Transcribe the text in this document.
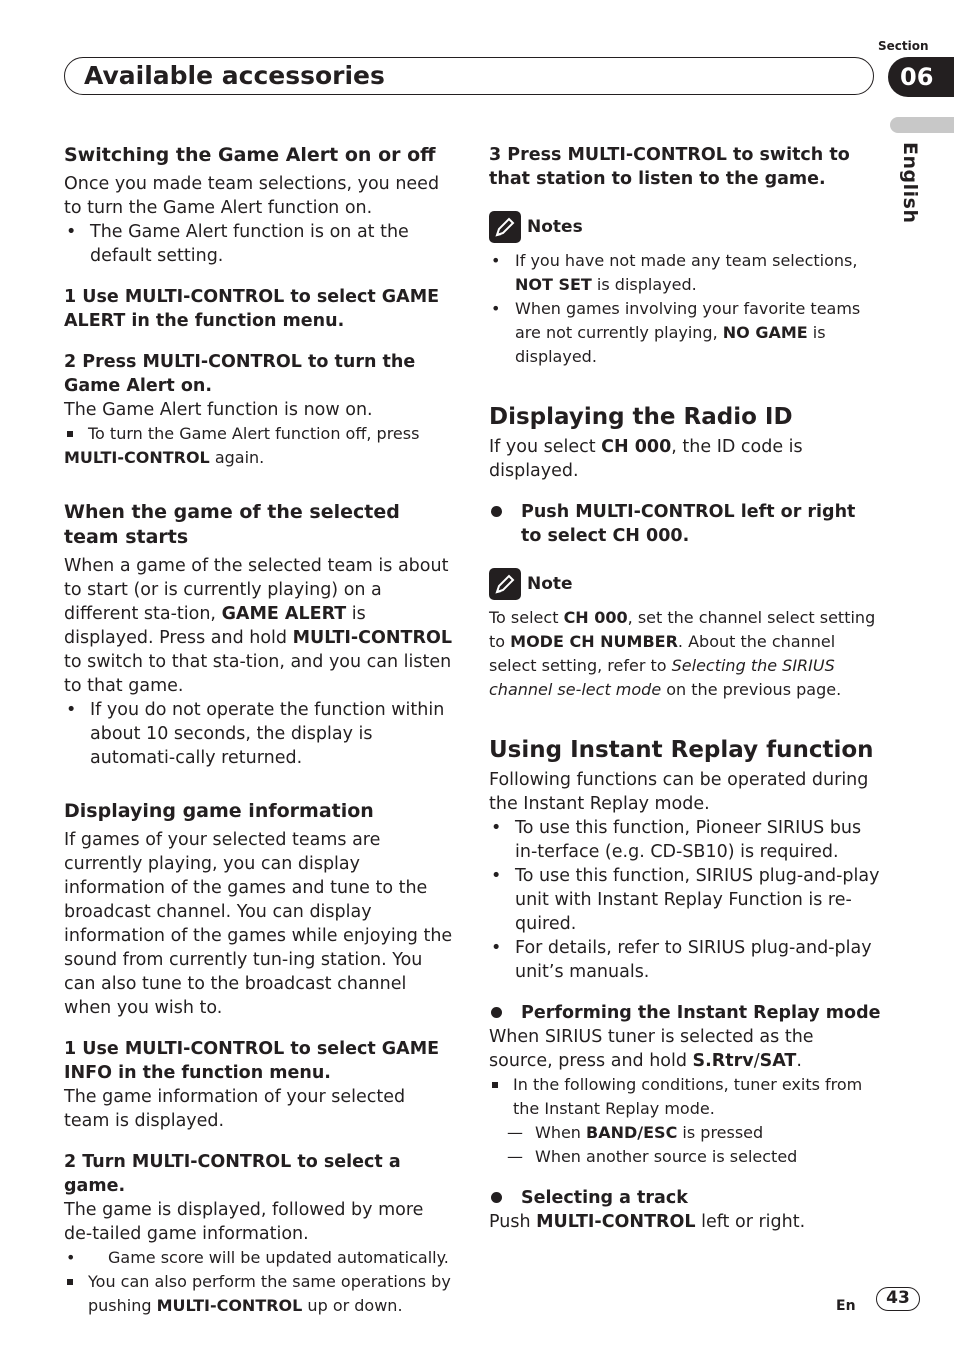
Available accessories
Section
06
English

Switching the Game Alert on or off

Once you made team selections, you need to turn the Game Alert function on.

• The Game Alert function is on at the default setting.

1 Use MULTI-CONTROL to select GAME ALERT in the function menu.

2 Press MULTI-CONTROL to turn the Game Alert on.

The Game Alert function is now on.

To turn the Game Alert function off, press

MULTI-CONTROL again.

When the game of the selected team starts

When a game of the selected team is about to start (or is currently playing) on a different sta-tion, GAME ALERT is displayed. Press and hold MULTI-CONTROL to switch to that sta-tion, and you can listen to that game.

• If you do not operate the function within about 10 seconds, the display is automati-cally returned.

Displaying game information

If games of your selected teams are currently playing, you can display information of the games and tune to the broadcast channel. You can display information of the games while enjoying the sound from currently tun-ing station. You can also tune to the broadcast channel when you wish to.

1 Use MULTI-CONTROL to select GAME INFO in the function menu.

The game information of your selected team is displayed.

2 Turn MULTI-CONTROL to select a game.

The game is displayed, followed by more de-tailed game information.

• Game score will be updated automatically.

You can also perform the same operations by pushing MULTI-CONTROL up or down.

3 Press MULTI-CONTROL to switch to that station to listen to the game.

Notes

• If you have not made any team selections, NOT SET is displayed.

• When games involving your favorite teams are not currently playing, NO GAME is displayed.

Displaying the Radio ID

If you select CH 000, the ID code is displayed.

Push MULTI-CONTROL left or right to select CH 000.

Note

To select CH 000, set the channel select setting to MODE CH NUMBER. About the channel select setting, refer to Selecting the SIRIUS channel se-lect mode on the previous page.

Using Instant Replay function

Following functions can be operated during the Instant Replay mode.

• To use this function, Pioneer SIRIUS bus in-terface (e.g. CD-SB10) is required.

• To use this function, SIRIUS plug-and-play unit with Instant Replay Function is re-quired.

• For details, refer to SIRIUS plug-and-play unit’s manuals.

Performing the Instant Replay mode

When SIRIUS tuner is selected as the source, press and hold S.Rtrv/SAT.

In the following conditions, tuner exits from the Instant Replay mode.

— When BAND/ESC is pressed

— When another source is selected

Selecting a track

Push MULTI-CONTROL left or right.

En	43
